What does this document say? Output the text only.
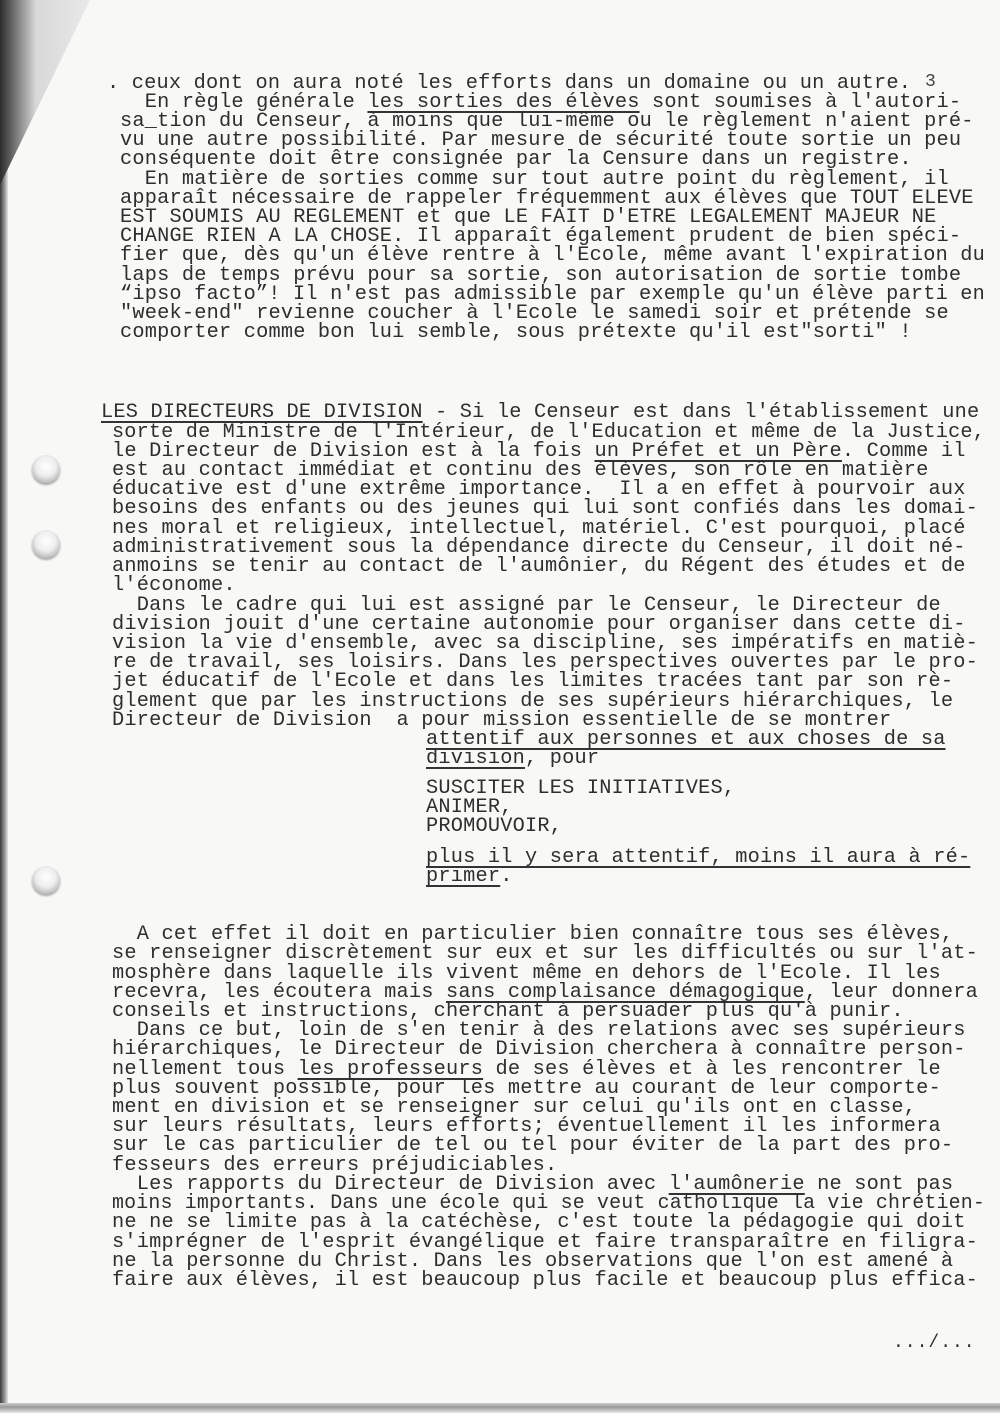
3
. ceux dont on aura noté les efforts dans un domaine ou un autre.
En règle générale les sorties des élèves sont soumises à l'autori-
sa_tion du Censeur, à moins que lui-même ou le règlement n'aient pré-
vu une autre possibilité. Par mesure de sécurité toute sortie un peu
conséquente doit être consignée par la Censure dans un registre.
En matière de sorties comme sur tout autre point du règlement, il
apparaît nécessaire de rappeler fréquemment aux élèves que TOUT ELEVE
EST SOUMIS AU REGLEMENT et que LE FAIT D'ETRE LEGALEMENT MAJEUR NE
CHANGE RIEN A LA CHOSE. Il apparaît également prudent de bien spéci-
fier que, dès qu'un élève rentre à l'Ecole, même avant l'expiration du
laps de temps prévu pour sa sortie, son autorisation de sortie tombe
“ipso facto”! Il n'est pas admissible par exemple qu'un élève parti en
"week-end" revienne coucher à l'Ecole le samedi soir et prétende se
comporter comme bon lui semble, sous prétexte qu'il est"sorti" !
LES DIRECTEURS DE DIVISION - Si le Censeur est dans l'établissement une
sorte de Ministre de l'Intérieur, de l'Education et même de la Justice,
le Directeur de Division est à la fois un Préfet et un Père. Comme il
est au contact immédiat et continu des élèves, son rôle en matière
éducative est d'une extrême importance.  Il a en effet à pourvoir aux
besoins des enfants ou des jeunes qui lui sont confiés dans les domai-
nes moral et religieux, intellectuel, matériel. C'est pourquoi, placé
administrativement sous la dépendance directe du Censeur, il doit né-
anmoins se tenir au contact de l'aumônier, du Régent des études et de
l'économe.
Dans le cadre qui lui est assigné par le Censeur, le Directeur de
division jouit d'une certaine autonomie pour organiser dans cette di-
vision la vie d'ensemble, avec sa discipline, ses impératifs en matiè-
re de travail, ses loisirs. Dans les perspectives ouvertes par le pro-
jet éducatif de l'Ecole et dans les limites tracées tant par son rè-
glement que par les instructions de ses supérieurs hiérarchiques, le
Directeur de Division  a pour mission essentielle de se montrer
attentif aux personnes et aux choses de sa
division, pour
SUSCITER LES INITIATIVES,
ANIMER,
PROMOUVOIR,
plus il y sera attentif, moins il aura à ré-
primer.
A cet effet il doit en particulier bien connaître tous ses élèves,
se renseigner discrètement sur eux et sur les difficultés ou sur l'at-
mosphère dans laquelle ils vivent même en dehors de l'Ecole. Il les
recevra, les écoutera mais sans complaisance démagogique, leur donnera
conseils et instructions, cherchant à persuader plus qu'à punir.
Dans ce but, loin de s'en tenir à des relations avec ses supérieurs
hiérarchiques, le Directeur de Division cherchera à connaître person-
nellement tous les professeurs de ses élèves et à les rencontrer le
plus souvent possible, pour les mettre au courant de leur comporte-
ment en division et se renseigner sur celui qu'ils ont en classe,
sur leurs résultats, leurs efforts; éventuellement il les informera
sur le cas particulier de tel ou tel pour éviter de la part des pro-
fesseurs des erreurs préjudiciables.
Les rapports du Directeur de Division avec l'aumônerie ne sont pas
moins importants. Dans une école qui se veut catholique la vie chrétien-
ne ne se limite pas à la catéchèse, c'est toute la pédagogie qui doit
s'imprégner de l'esprit évangélique et faire transparaître en filigra-
ne la personne du Christ. Dans les observations que l'on est amené à
faire aux élèves, il est beaucoup plus facile et beaucoup plus effica-
.../...
